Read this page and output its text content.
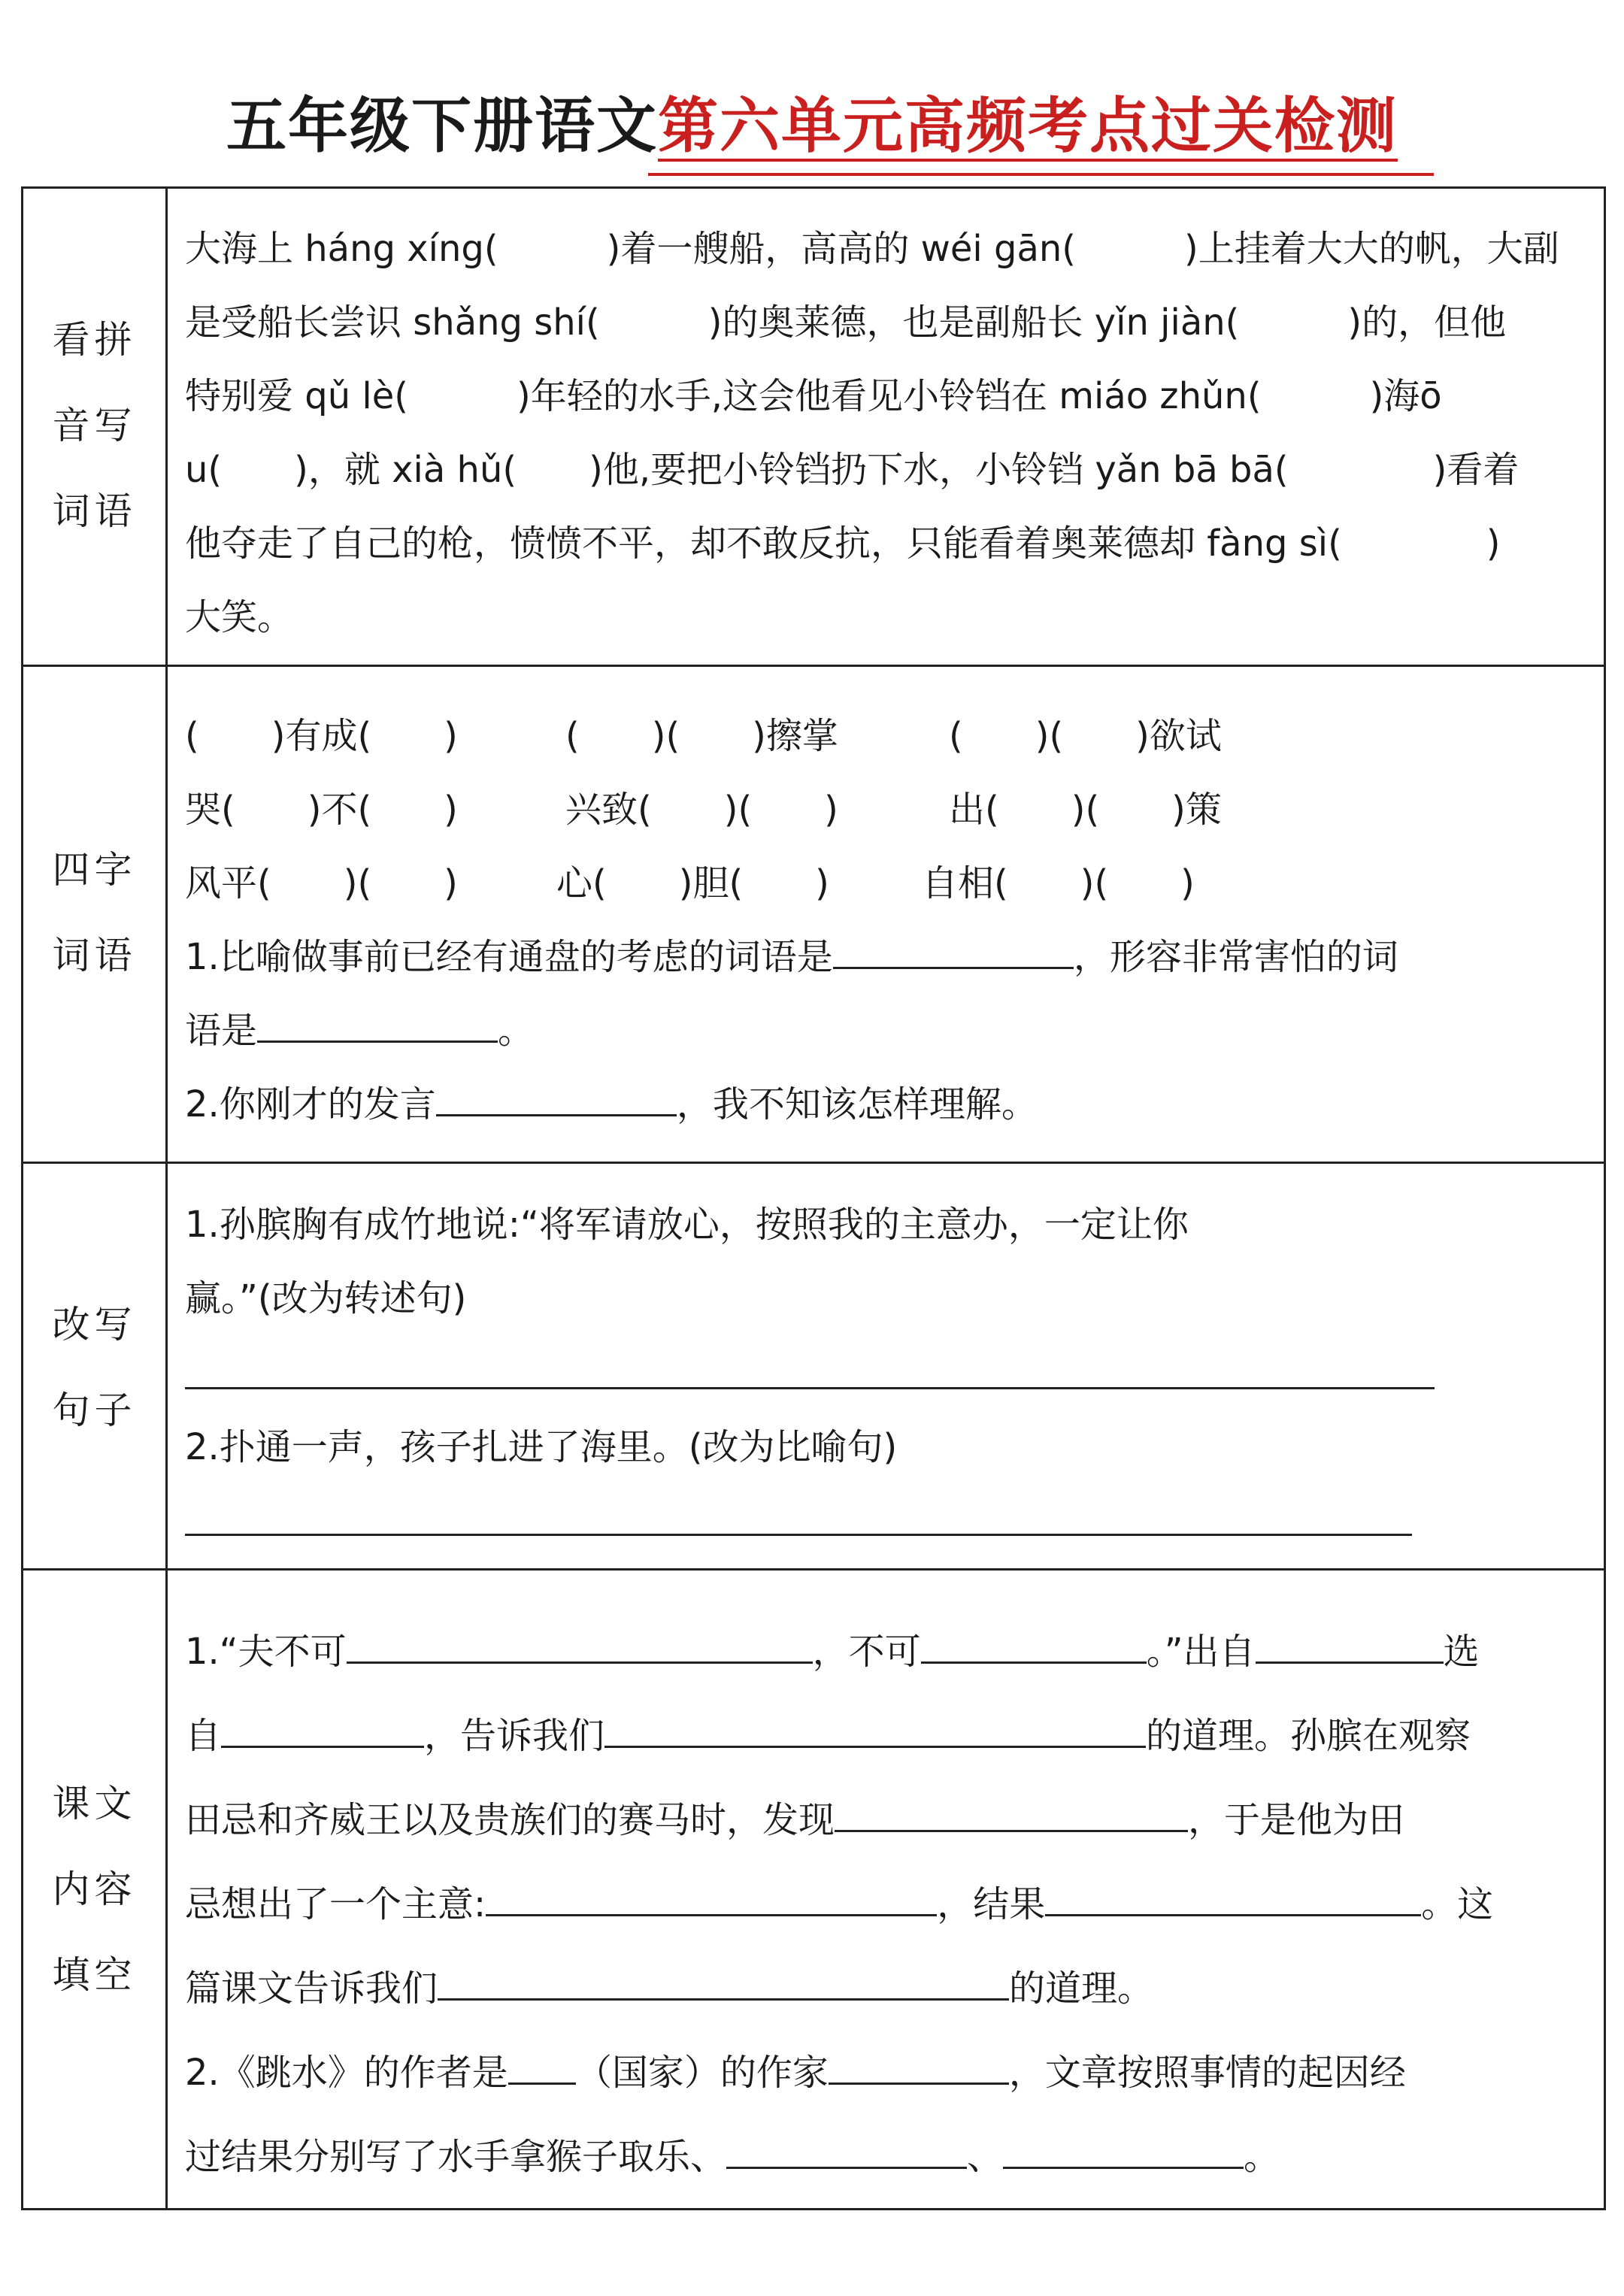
五年级下册语文第六单元高频考点过关检测
看拼
音写
词语
大海上 háng xíng(　　　)着一艘船，高高的 wéi gān(　　　)上挂着大大的帆，大副
是受船长尝识 shǎng shí(　　　)的奥莱德，也是副船长 yǐn jiàn(　　　)的，但他
特别爱 qǔ lè(　　　)年轻的水手,这会他看见小铃铛在 miáo zhǔn(　　　)海ō
u(　　)，就 xià hǔ(　　)他,要把小铃铛扔下水，小铃铛 yǎn bā bā(　　　　)看着
他夺走了自己的枪，愤愤不平，却不敢反抗，只能看着奥莱德却 fàng sì(　　　　)
大笑。
四字
词语
(　　)有成(　　)	(　　)(　　)擦掌	(　　)(　　)欲试
哭(　　)不(　　)	兴致(　　)(　　)	出(　　)(　　)策
风平(　　)(　　)	心(　　)胆(　　)	自相(　　)(　　)
1.比喻做事前已经有通盘的考虑的词语是	，形容非常害怕的词
语是	。
2.你刚才的发言	，我不知该怎样理解。
改写
句子
1.孙膑胸有成竹地说:“将军请放心，按照我的主意办，一定让你
赢。”(改为转述句)
2.扑通一声，孩子扎进了海里。(改为比喻句)
课文
内容
填空
1.“夫不可	，不可	。”出自	选
自	，告诉我们	的道理。孙膑在观察
田忌和齐威王以及贵族们的赛马时，发现	，于是他为田
忌想出了一个主意:	，结果	。这
篇课文告诉我们	的道理。
2.《跳水》的作者是 （国家）的作家	，文章按照事情的起因经
过结果分别写了水手拿猴子取乐、	、	。
